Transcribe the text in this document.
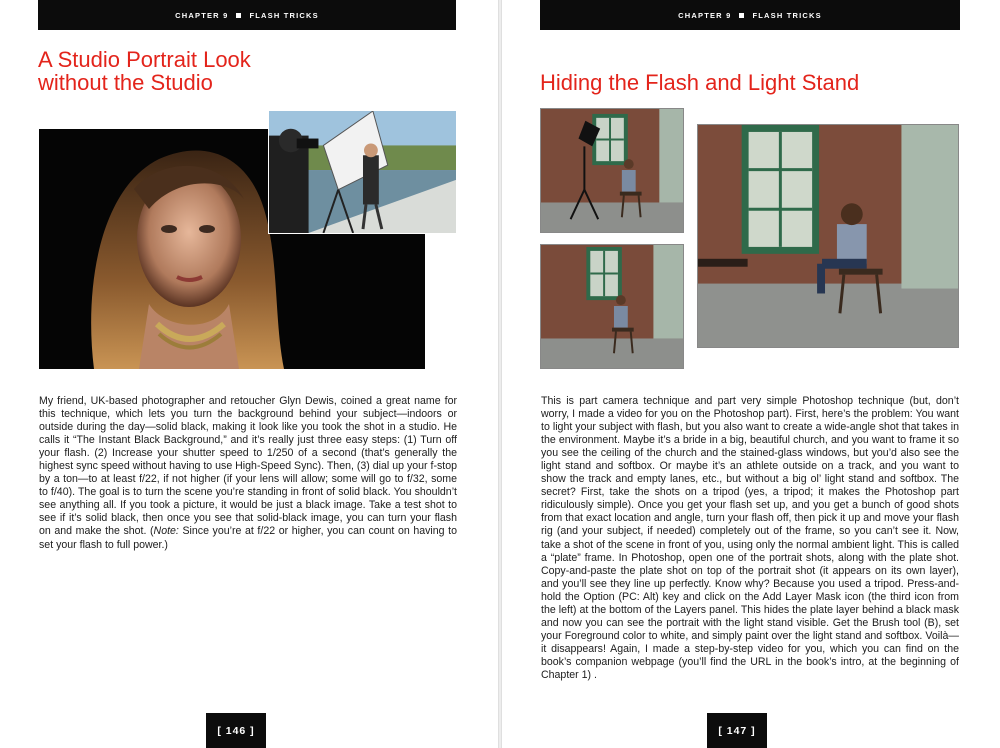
CHAPTER 9	FLASH TRICKS
A Studio Portrait Look
without the Studio

My friend, UK-based photographer and retoucher Glyn Dewis, coined a great name for this technique, which lets you turn the background behind your subject—indoors or outside during the day—solid black, making it look like you took the shot in a studio. He calls it “The Instant Black Background,” and it’s really just three easy steps: (1) Turn off your flash. (2) Increase your shutter speed to 1/250 of a second (that’s generally the highest sync speed without having to use High-Speed Sync). Then, (3) dial up your f-stop by a ton—to at least f/22, if not higher (if your lens will allow; some will go to f/32, some to f/40). The goal is to turn the scene you’re standing in front of solid black. You shouldn’t see anything all. If you took a picture, it would be just a black image. Take a test shot to see if it’s solid black, then once you see that solid-black image, you can turn your flash on and make the shot. (Note: Since you’re at f/22 or higher, you can count on having to set your flash to full power.)

[ 146 ]
CHAPTER 9	FLASH TRICKS
Hiding the Flash and Light Stand

This is part camera technique and part very simple Photoshop technique (but, don’t worry, I made a video for you on the Photoshop part). First, here’s the problem: You want to light your subject with flash, but you also want to create a wide-angle shot that takes in the environment. Maybe it’s a bride in a big, beautiful church, and you want to frame it so you see the ceiling of the church and the stained-glass windows, but you’d also see the light stand and softbox. Or maybe it’s an athlete outside on a track, and you want to show the track and empty lanes, etc., but without a big ol’ light stand and softbox. The secret? First, take the shots on a tripod (yes, a tripod; it makes the Photoshop part ridiculously simple). Once you get your flash set up, and you get a bunch of good shots from that exact location and angle, turn your flash off, then pick it up and move your flash rig (and your subject, if needed) completely out of the frame, so you can’t see it. Now, take a shot of the scene in front of you, using only the normal ambient light. This is called a “plate” frame. In Photoshop, open one of the portrait shots, along with the plate shot. Copy-and-paste the plate shot on top of the portrait shot (it appears on its own layer), and you’ll see they line up perfectly. Know why? Because you used a tripod. Press-and-hold the Option (PC: Alt) key and click on the Add Layer Mask icon (the third icon from the left) at the bottom of the Layers panel. This hides the plate layer behind a black mask and now you can see the portrait with the light stand visible. Get the Brush tool (B), set your Foreground color to white, and simply paint over the light stand and softbox. Voilà—it disappears! Again, I made a step-by-step video for you, which you can find on the book’s companion webpage (you’ll find the URL in the book’s intro, at the beginning of Chapter 1) .

[ 147 ]
